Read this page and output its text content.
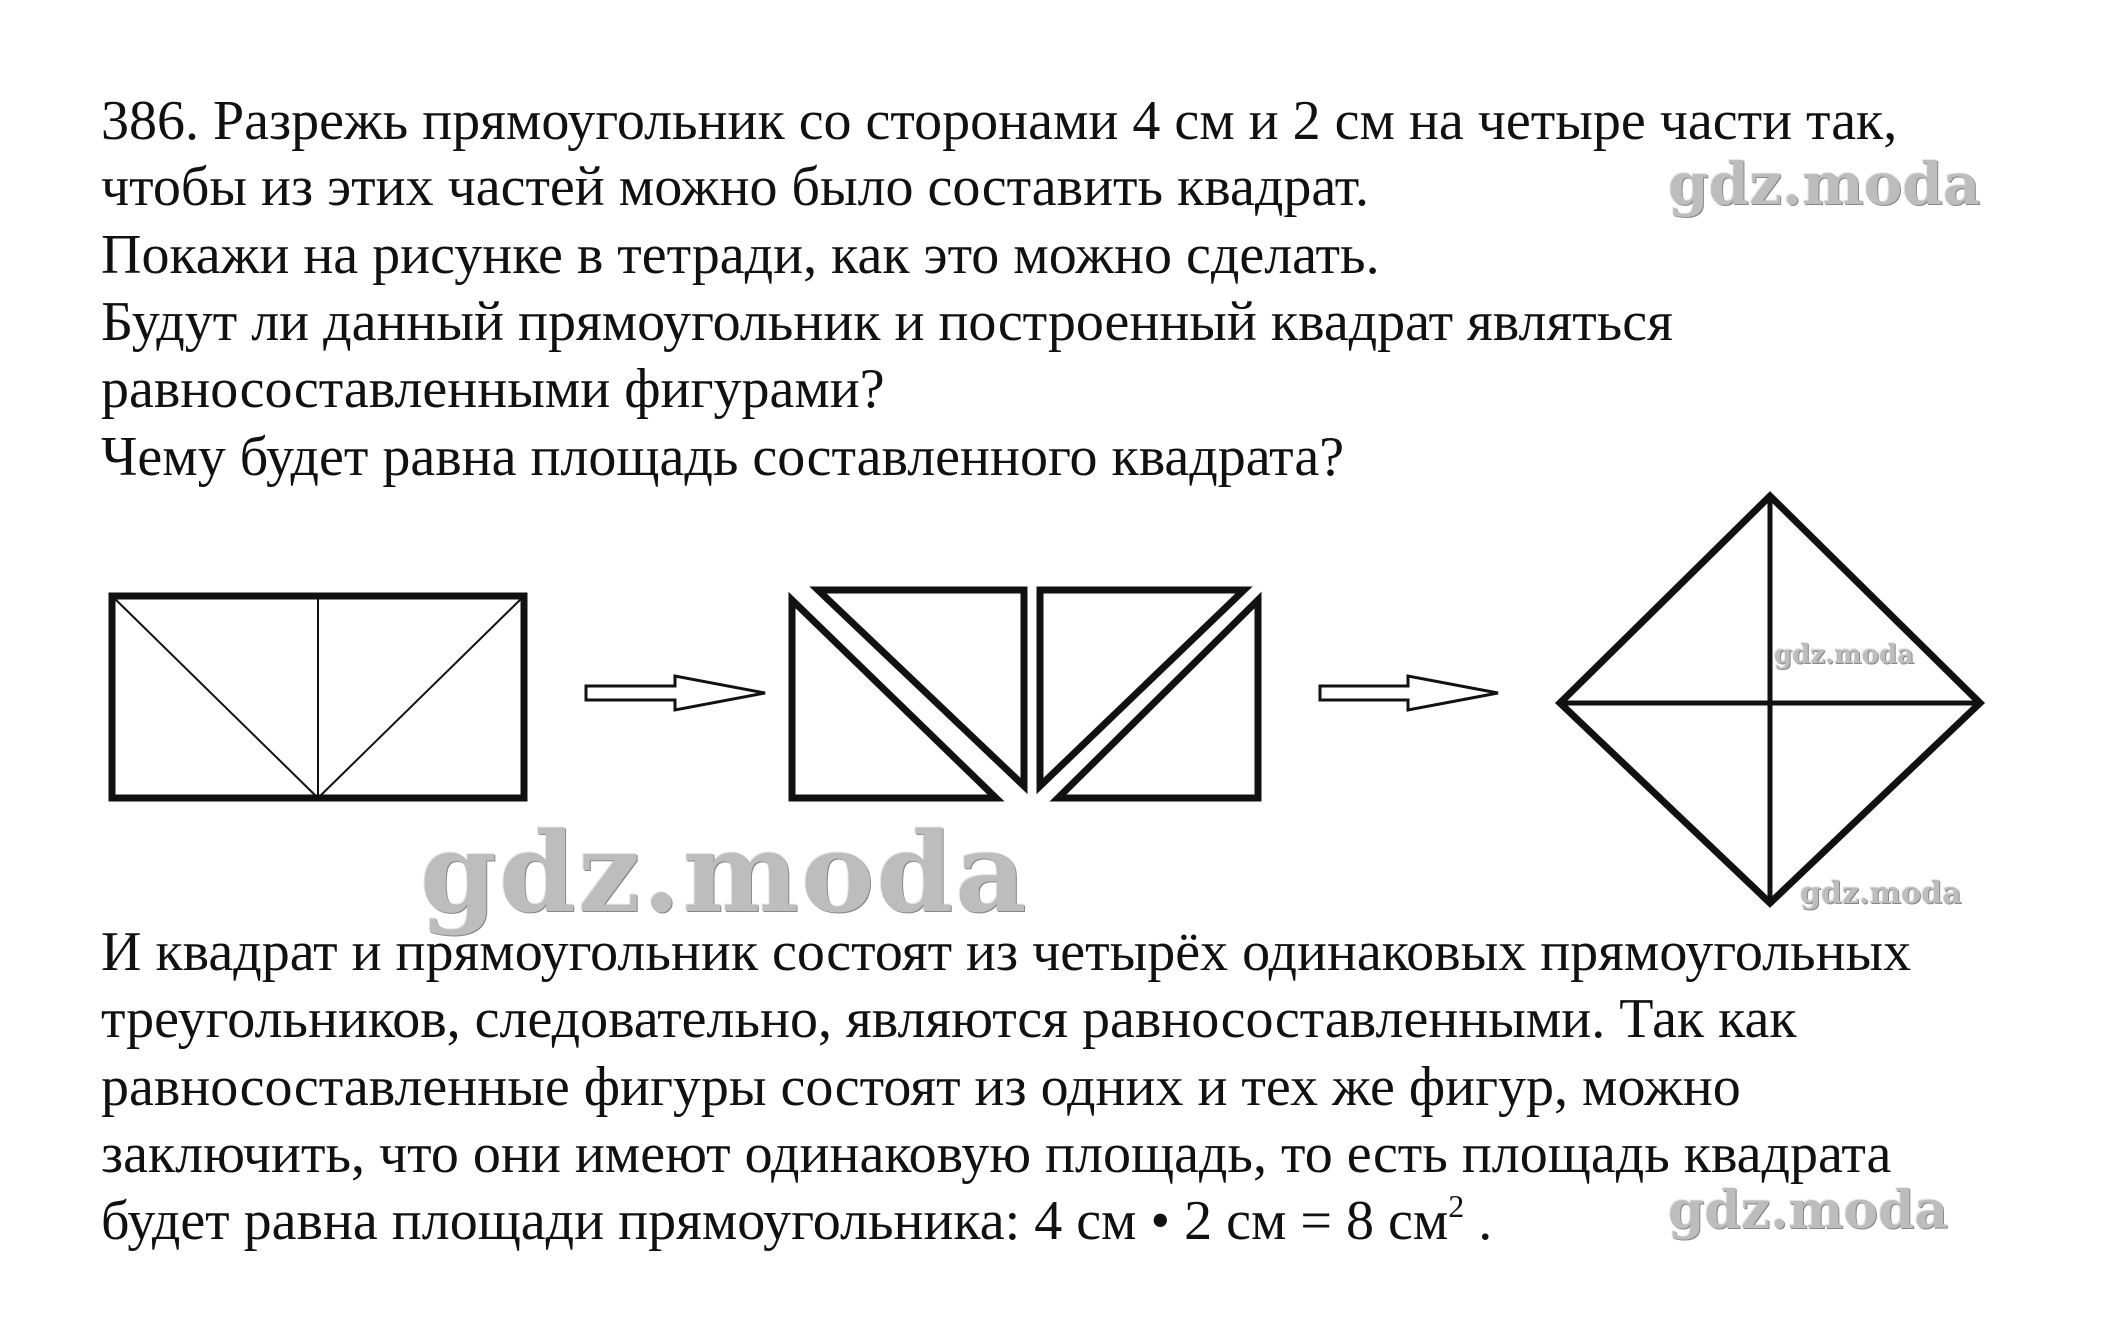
386. Разрежь прямоугольник со сторонами 4 см и 2 см на четыре части так,
чтобы из этих частей можно было составить квадрат.
Покажи на рисунке в тетради, как это можно сделать.
Будут ли данный прямоугольник и построенный квадрат являться
равносоставленными фигурами?
Чему будет равна площадь составленного квадрата?
gdz.moda
gdz.moda
gdz.moda
gdz.moda
И квадрат и прямоугольник состоят из четырёх одинаковых прямоугольных
треугольников, следовательно, являются равносоставленными. Так как
равносоставленные фигуры состоят из одних и тех же фигур, можно
заключить, что они имеют одинаковую площадь, то есть площадь квадрата
будет равна площади прямоугольника: 4 см • 2 см = 8 $см^2$ .	gdz.moda
